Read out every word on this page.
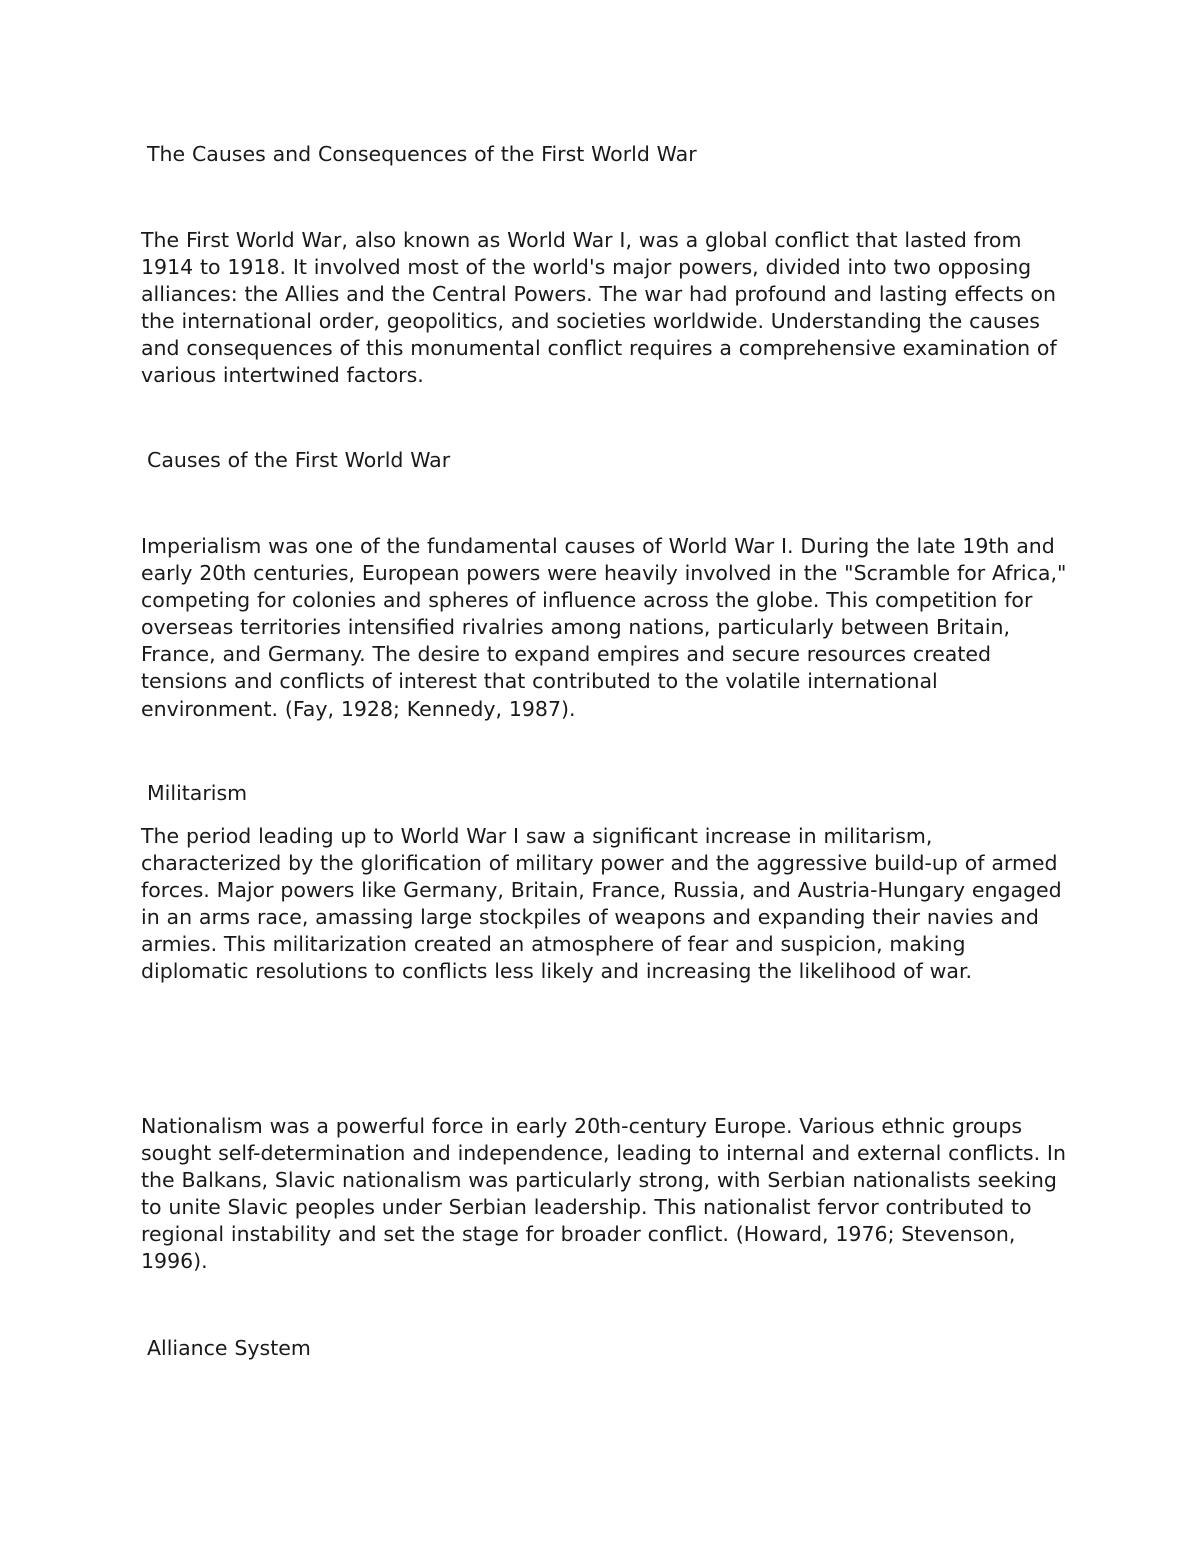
The Causes and Consequences of the First World War

The First World War, also known as World War I, was a global conflict that lasted from 1914 to 1918. It involved most of the world's major powers, divided into two opposing alliances: the Allies and the Central Powers. The war had profound and lasting effects on the international order, geopolitics, and societies worldwide. Understanding the causes and consequences of this monumental conflict requires a comprehensive examination of various intertwined factors.

Causes of the First World War

Imperialism was one of the fundamental causes of World War I. During the late 19th and early 20th centuries, European powers were heavily involved in the "Scramble for Africa," competing for colonies and spheres of influence across the globe. This competition for overseas territories intensified rivalries among nations, particularly between Britain, France, and Germany. The desire to expand empires and secure resources created tensions and conflicts of interest that contributed to the volatile international environment. (Fay, 1928; Kennedy, 1987).

Militarism

The period leading up to World War I saw a significant increase in militarism, characterized by the glorification of military power and the aggressive build-up of armed forces. Major powers like Germany, Britain, France, Russia, and Austria-Hungary engaged in an arms race, amassing large stockpiles of weapons and expanding their navies and armies. This militarization created an atmosphere of fear and suspicion, making diplomatic resolutions to conflicts less likely and increasing the likelihood of war.

Nationalism was a powerful force in early 20th-century Europe. Various ethnic groups sought self-determination and independence, leading to internal and external conflicts. In the Balkans, Slavic nationalism was particularly strong, with Serbian nationalists seeking to unite Slavic peoples under Serbian leadership. This nationalist fervor contributed to regional instability and set the stage for broader conflict. (Howard, 1976; Stevenson, 1996).

Alliance System
